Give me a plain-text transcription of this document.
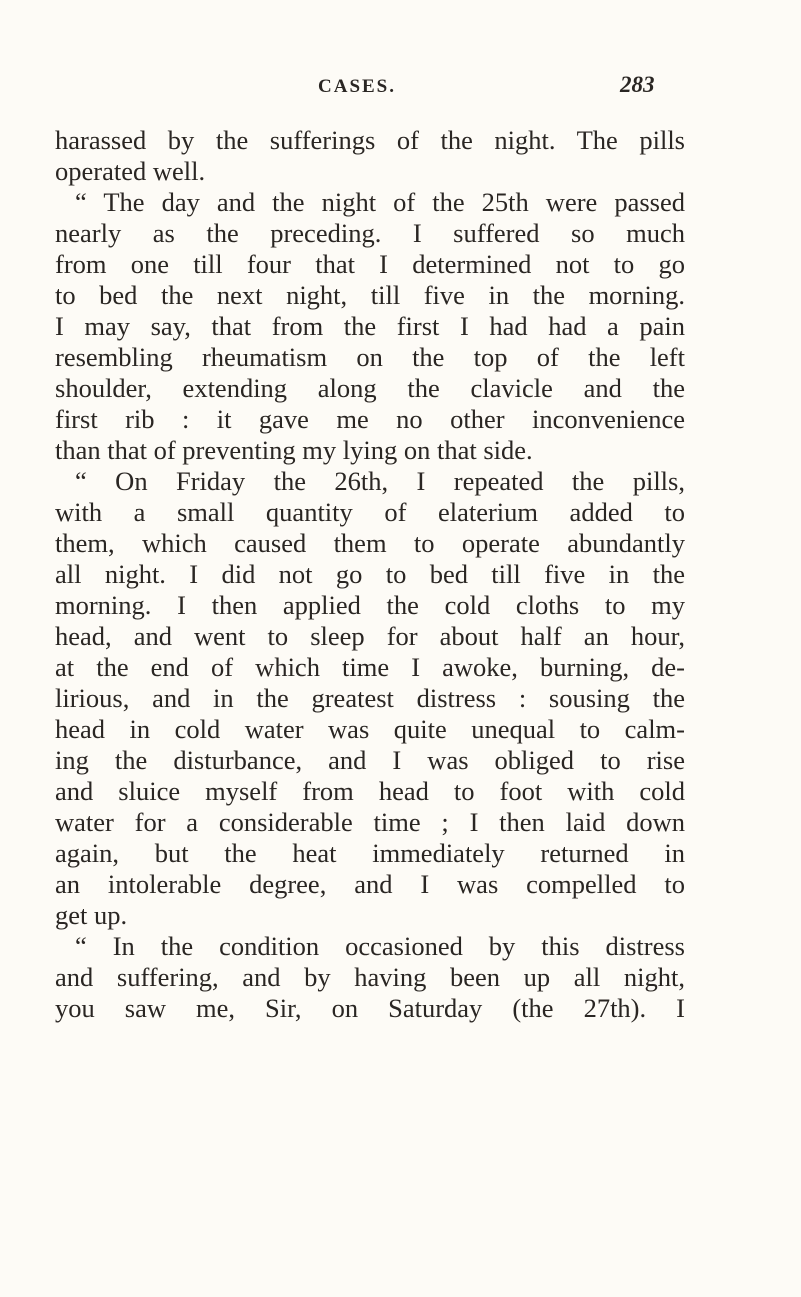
CASES.	283
harassed by the sufferings of the night. The pills
operated well.
“ The day and the night of the 25th were passed
nearly as the preceding. I suffered so much
from one till four that I determined not to go
to bed the next night, till five in the morning.
I may say, that from the first I had had a pain
resembling rheumatism on the top of the left
shoulder, extending along the clavicle and the
first rib : it gave me no other inconvenience
than that of preventing my lying on that side.
“ On Friday the 26th, I repeated the pills,
with a small quantity of elaterium added to
them, which caused them to operate abundantly
all night. I did not go to bed till five in the
morning. I then applied the cold cloths to my
head, and went to sleep for about half an hour,
at the end of which time I awoke, burning, de-
lirious, and in the greatest distress : sousing the
head in cold water was quite unequal to calm-
ing the disturbance, and I was obliged to rise
and sluice myself from head to foot with cold
water for a considerable time ; I then laid down
again, but the heat immediately returned in
an intolerable degree, and I was compelled to
get up.
“ In the condition occasioned by this distress
and suffering, and by having been up all night,
you saw me, Sir, on Saturday (the 27th). I
